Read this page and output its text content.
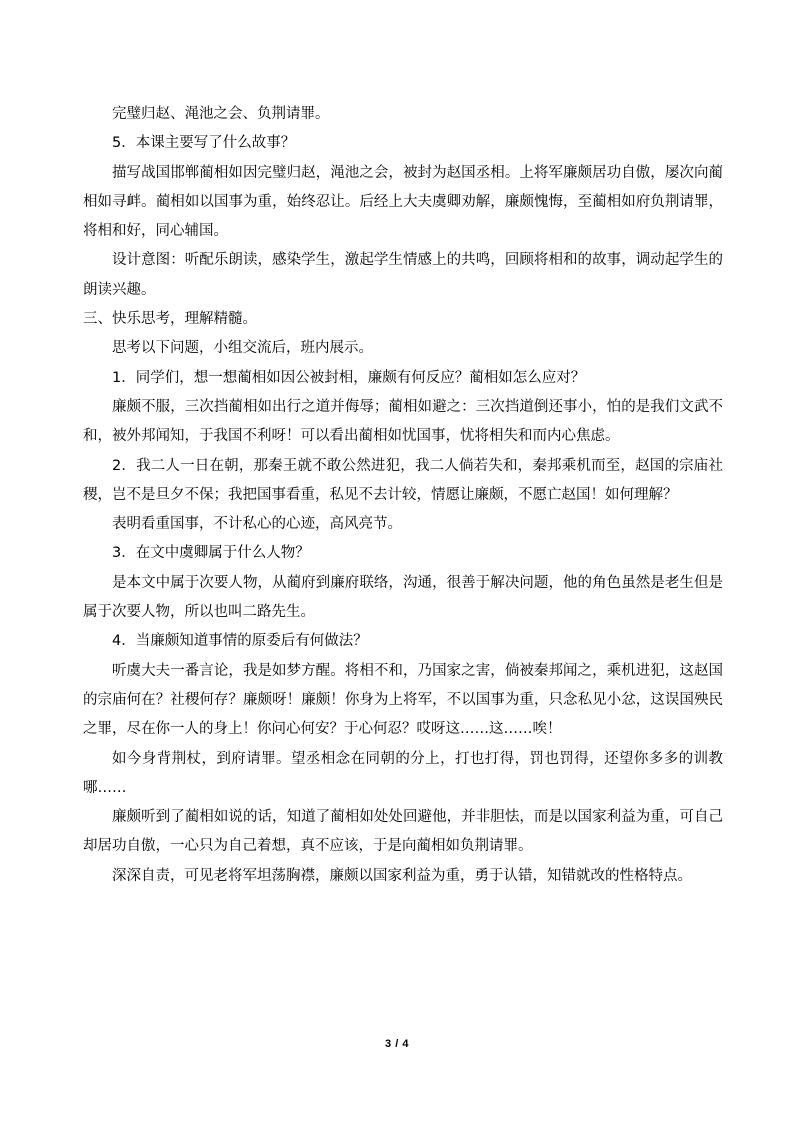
完璧归赵、渑池之会、负荆请罪。

5．本课主要写了什么故事？

描写战国邯郸蔺相如因完璧归赵，渑池之会，被封为赵国丞相。上将军廉颇居功自傲，屡次向蔺相如寻衅。蔺相如以国事为重，始终忍让。后经上大夫虞卿劝解，廉颇愧悔，至蔺相如府负荆请罪，将相和好，同心辅国。

设计意图：听配乐朗读，感染学生，激起学生情感上的共鸣，回顾将相和的故事，调动起学生的朗读兴趣。

三、快乐思考，理解精髓。

思考以下问题，小组交流后，班内展示。

1．同学们，想一想蔺相如因公被封相，廉颇有何反应？蔺相如怎么应对？

廉颇不服，三次挡蔺相如出行之道并侮辱；蔺相如避之：三次挡道倒还事小，怕的是我们文武不和，被外邦闻知，于我国不利呀！可以看出蔺相如忧国事，忧将相失和而内心焦虑。

2．我二人一日在朝，那秦王就不敢公然进犯，我二人倘若失和，秦邦乘机而至，赵国的宗庙社稷，岂不是旦夕不保；我把国事看重，私见不去计较，情愿让廉颇，不愿亡赵国！如何理解？

表明看重国事，不计私心的心迹，高风亮节。

3．在文中虞卿属于什么人物？

是本文中属于次要人物，从蔺府到廉府联络，沟通，很善于解决问题，他的角色虽然是老生但是属于次要人物，所以也叫二路先生。

4．当廉颇知道事情的原委后有何做法？

听虞大夫一番言论，我是如梦方醒。将相不和，乃国家之害，倘被秦邦闻之，乘机进犯，这赵国的宗庙何在？社稷何存？廉颇呀！廉颇！你身为上将军，不以国事为重，只念私见小忿，这误国殃民之罪，尽在你一人的身上！你问心何安？于心何忍？哎呀这……这……唉！

如今身背荆杖，到府请罪。望丞相念在同朝的分上，打也打得，罚也罚得，还望你多多的训教哪……

廉颇听到了蔺相如说的话，知道了蔺相如处处回避他，并非胆怯，而是以国家利益为重，可自己却居功自傲，一心只为自己着想，真不应该，于是向蔺相如负荆请罪。

深深自责，可见老将军坦荡胸襟，廉颇以国家利益为重，勇于认错，知错就改的性格特点。

3 / 4
